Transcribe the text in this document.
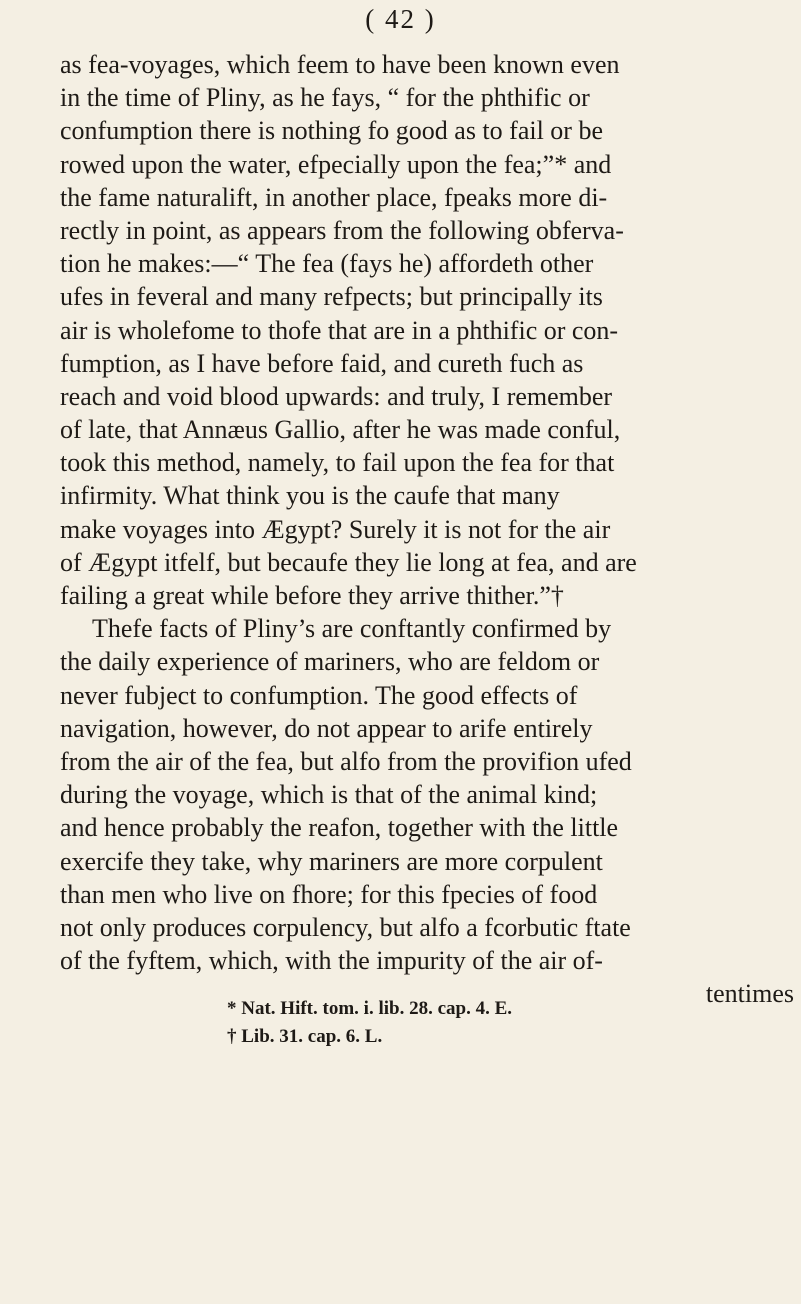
( 42 )
as fea-voyages, which feem to have been known even
in the time of Pliny, as he fays, “ for the phthific or
confumption there is nothing fo good as to fail or be
rowed upon the water, efpecially upon the fea;”* and
the fame naturalift, in another place, fpeaks more di-
rectly in point, as appears from the following obferva-
tion he makes:—“ The fea (fays he) affordeth other
ufes in feveral and many refpects; but principally its
air is wholefome to thofe that are in a phthific or con-
fumption, as I have before faid, and cureth fuch as
reach and void blood upwards: and truly, I remember
of late, that Annæus Gallio, after he was made conful,
took this method, namely, to fail upon the fea for that
infirmity. What think you is the caufe that many
make voyages into Ægypt? Surely it is not for the air
of Ægypt itfelf, but becaufe they lie long at fea, and are
failing a great while before they arrive thither.”†
Thefe facts of Pliny’s are conftantly confirmed by
the daily experience of mariners, who are feldom or
never fubject to confumption. The good effects of
navigation, however, do not appear to arife entirely
from the air of the fea, but alfo from the provifion ufed
during the voyage, which is that of the animal kind;
and hence probably the reafon, together with the little
exercife they take, why mariners are more corpulent
than men who live on fhore; for this fpecies of food
not only produces corpulency, but alfo a fcorbutic ftate
of the fyftem, which, with the impurity of the air of-
tentimes
* Nat. Hift. tom. i. lib. 28. cap. 4. E.
† Lib. 31. cap. 6. L.
